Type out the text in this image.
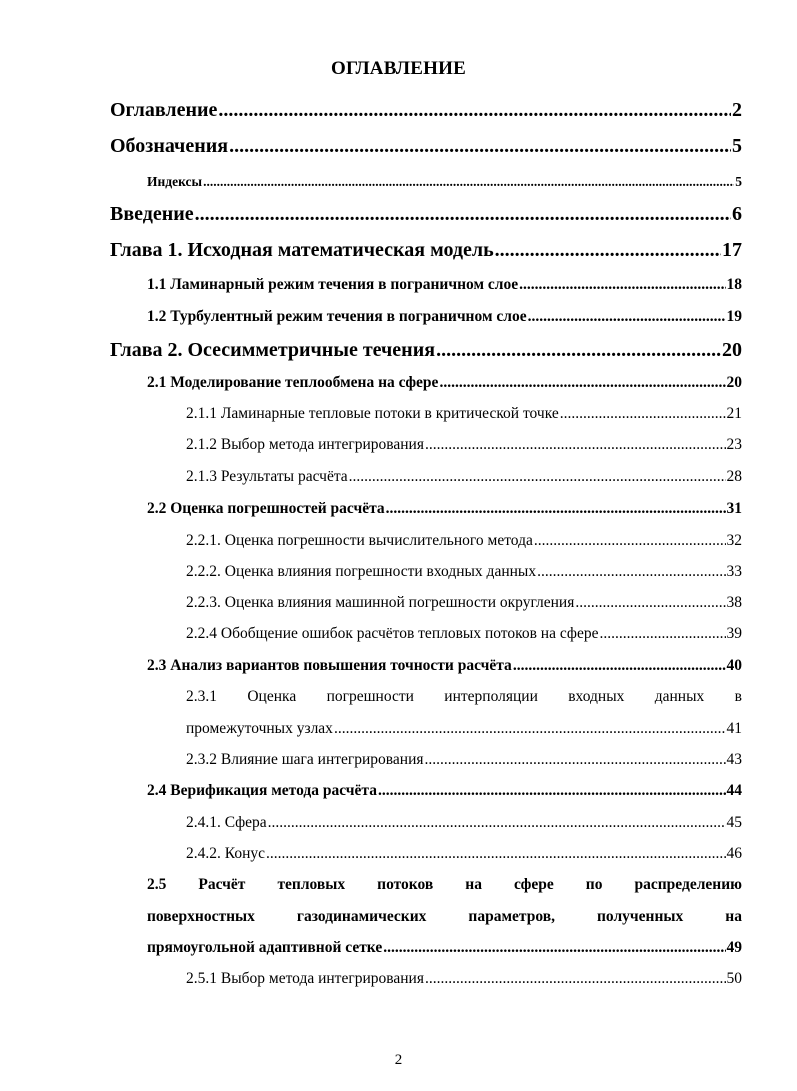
ОГЛАВЛЕНИЕ
Оглавление .....	2
Обозначения .....	5
Индексы .....	5
Введение .....	6
Глава 1. Исходная математическая модель .....	17
1.1 Ламинарный режим течения в пограничном слое .....	18
1.2 Турбулентный режим течения в пограничном слое .....	19
Глава 2. Осесимметричные течения .....	20
2.1 Моделирование теплообмена на сфере .....	20
2.1.1 Ламинарные тепловые потоки в критической точке .....	21
2.1.2 Выбор метода интегрирования .....	23
2.1.3 Результаты расчёта .....	28
2.2 Оценка погрешностей расчёта .....	31
2.2.1. Оценка погрешности вычислительного метода .....	32
2.2.2. Оценка влияния погрешности входных данных .....	33
2.2.3. Оценка влияния машинной погрешности округления .....	38
2.2.4 Обобщение ошибок расчётов тепловых потоков на сфере .....	39
2.3 Анализ вариантов повышения точности расчёта .....	40
2.3.1 Оценка погрешности интерполяции входных данных в
промежуточных узлах .....	41
2.3.2 Влияние шага интегрирования .....	43
2.4 Верификация метода расчёта .....	44
2.4.1. Сфера .....	45
2.4.2. Конус .....	46
2.5 Расчёт тепловых потоков на сфере по распределению
поверхностных	газодинамических	параметров,	полученных	на
прямоугольной адаптивной сетке .....	49
2.5.1 Выбор метода интегрирования .....	50
2
